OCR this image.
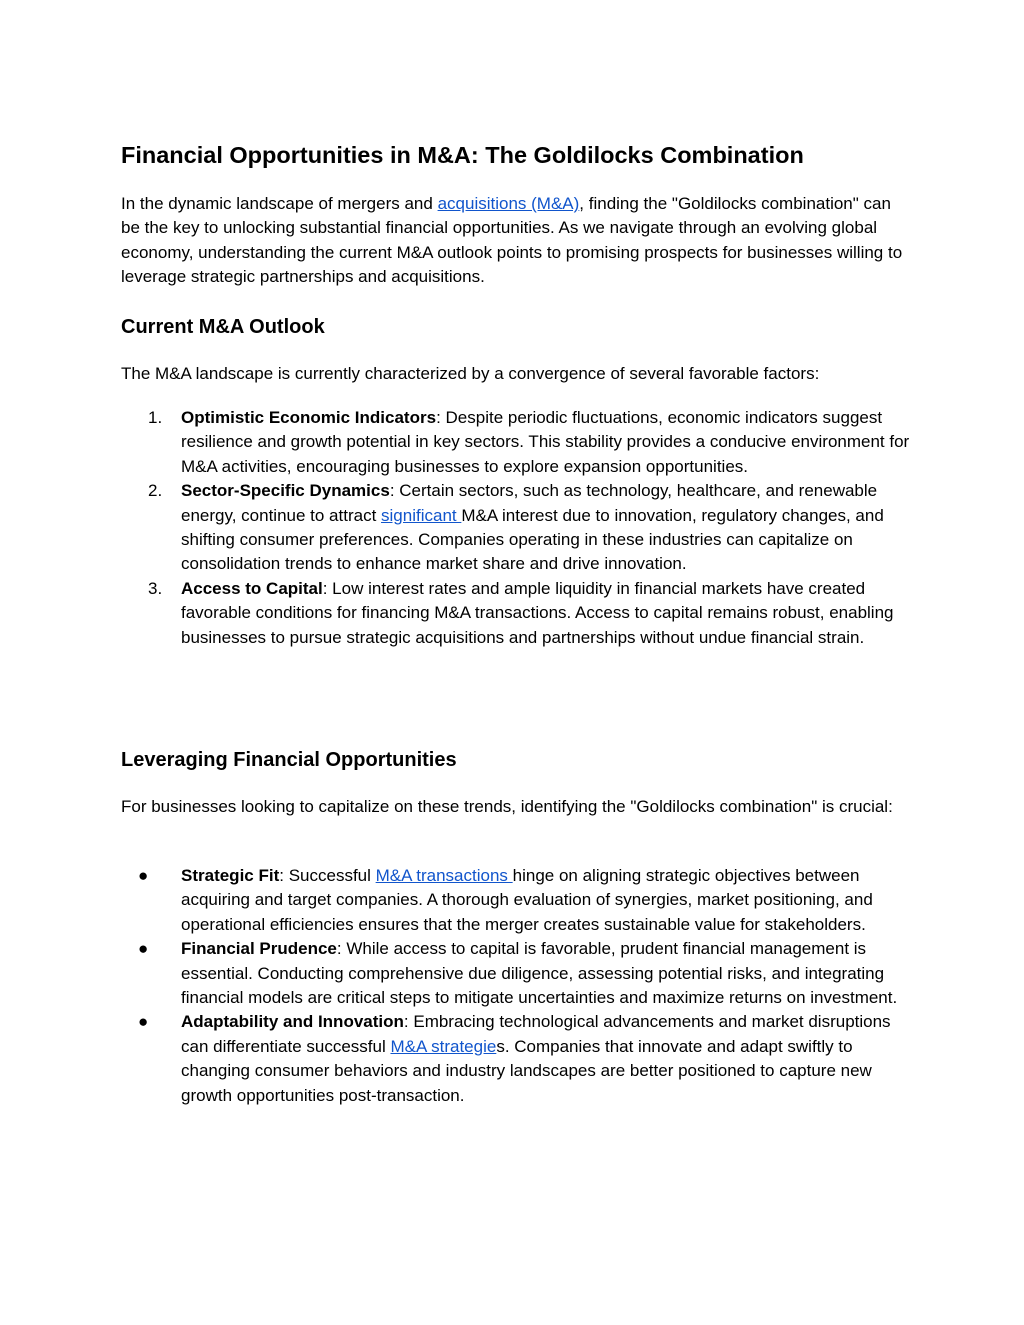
Financial Opportunities in M&A: The Goldilocks Combination

In the dynamic landscape of mergers and acquisitions (M&A), finding the "Goldilocks combination" can be the key to unlocking substantial financial opportunities. As we navigate through an evolving global economy, understanding the current M&A outlook points to promising prospects for businesses willing to leverage strategic partnerships and acquisitions.

Current M&A Outlook

The M&A landscape is currently characterized by a convergence of several favorable factors:

1. Optimistic Economic Indicators: Despite periodic fluctuations, economic indicators suggest resilience and growth potential in key sectors. This stability provides a conducive environment for M&A activities, encouraging businesses to explore expansion opportunities.
2. Sector-Specific Dynamics: Certain sectors, such as technology, healthcare, and renewable energy, continue to attract significant M&A interest due to innovation, regulatory changes, and shifting consumer preferences. Companies operating in these industries can capitalize on consolidation trends to enhance market share and drive innovation.
3. Access to Capital: Low interest rates and ample liquidity in financial markets have created favorable conditions for financing M&A transactions. Access to capital remains robust, enabling businesses to pursue strategic acquisitions and partnerships without undue financial strain.
Leveraging Financial Opportunities

For businesses looking to capitalize on these trends, identifying the "Goldilocks combination" is crucial:

● Strategic Fit: Successful M&A transactions hinge on aligning strategic objectives between acquiring and target companies. A thorough evaluation of synergies, market positioning, and operational efficiencies ensures that the merger creates sustainable value for stakeholders.
● Financial Prudence: While access to capital is favorable, prudent financial management is essential. Conducting comprehensive due diligence, assessing potential risks, and integrating financial models are critical steps to mitigate uncertainties and maximize returns on investment.
● Adaptability and Innovation: Embracing technological advancements and market disruptions can differentiate successful M&A strategies. Companies that innovate and adapt swiftly to changing consumer behaviors and industry landscapes are better positioned to capture new growth opportunities post-transaction.
